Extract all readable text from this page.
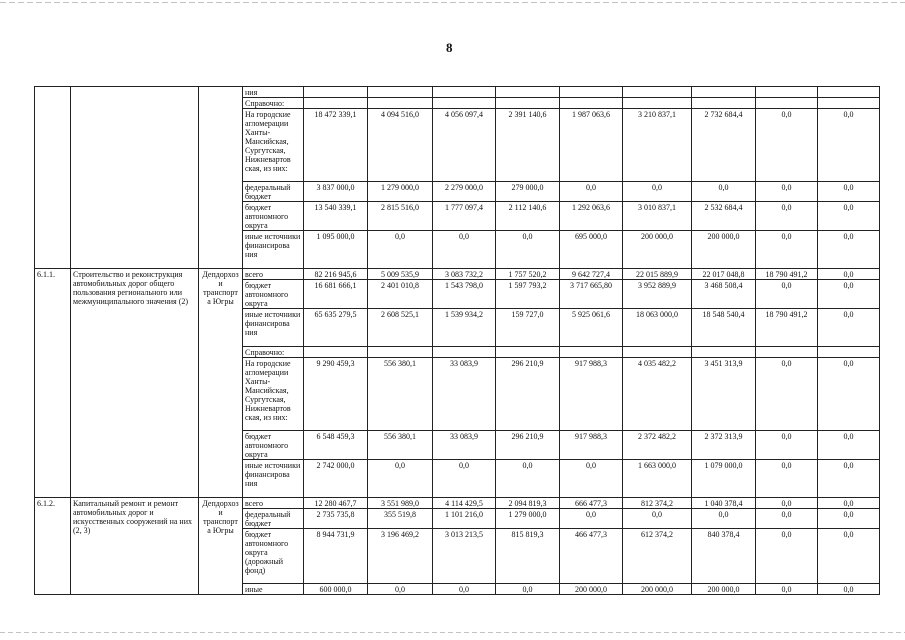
8
			ния									
			Справочно:									
			На городские агломерации Ханты-Мансийская, Сургутская, Нижневартов ская, из них:	18 472 339,1	4 094 516,0	4 056 097,4	2 391 140,6	1 987 063,6	3 210 837,1	2 732 684,4	0,0	0,0
			федеральный бюджет	3 837 000,0	1 279 000,0	2 279 000,0	279 000,0	0,0	0,0	0,0	0,0	0,0
			бюджет автономного округа	13 540 339,1	2 815 516,0	1 777 097,4	2 112 140,6	1 292 063,6	3 010 837,1	2 532 684,4	0,0	0,0
			иные источники финансирова ния	1 095 000,0	0,0	0,0	0,0	695 000,0	200 000,0	200 000,0	0,0	0,0
6.1.1.	Строительство и реконструкция автомобильных дорог общего пользования регионального или межмуниципального значения (2)	Депдорхоз и транспорт а Югры	всего	82 216 945,6	5 009 535,9	3 083 732,2	1 757 520,2	9 642 727,4	22 015 889,9	22 017 048,8	18 790 491,2	0,0
			бюджет автономного округа	16 681 666,1	2 401 010,8	1 543 798,0	1 597 793,2	3 717 665,80	3 952 889,9	3 468 508,4	0,0	0,0
			иные источники финансирова ния	65 635 279,5	2 608 525,1	1 539 934,2	159 727,0	5 925 061,6	18 063 000,0	18 548 540,4	18 790 491,2	0,0
			Справочно:									
			На городские агломерации Ханты-Мансийская, Сургутская, Нижневартов ская, из них:	9 290 459,3	556 380,1	33 083,9	296 210,9	917 988,3	4 035 482,2	3 451 313,9	0,0	0,0
			бюджет автономного округа	6 548 459,3	556 380,1	33 083,9	296 210,9	917 988,3	2 372 482,2	2 372 313,9	0,0	0,0
			иные источники финансирова ния	2 742 000,0	0,0	0,0	0,0	0,0	1 663 000,0	1 079 000,0	0,0	0,0
6.1.2.	Капитальный ремонт и ремонт автомобильных дорог и искусственных сооружений на них (2, 3)	Депдорхоз и транспорт а Югры	всего	12 280 467,7	3 551 989,0	4 114 429,5	2 094 819,3	666 477,3	812 374,2	1 040 378,4	0,0	0,0
			федеральный бюджет	2 735 735,8	355 519,8	1 101 216,0	1 279 000,0	0,0	0,0	0,0	0,0	0,0
			бюджет автономного округа (дорожный фонд)	8 944 731,9	3 196 469,2	3 013 213,5	815 819,3	466 477,3	612 374,2	840 378,4	0,0	0,0
			иные	600 000,0	0,0	0,0	0,0	200 000,0	200 000,0	200 000,0	0,0	0,0
